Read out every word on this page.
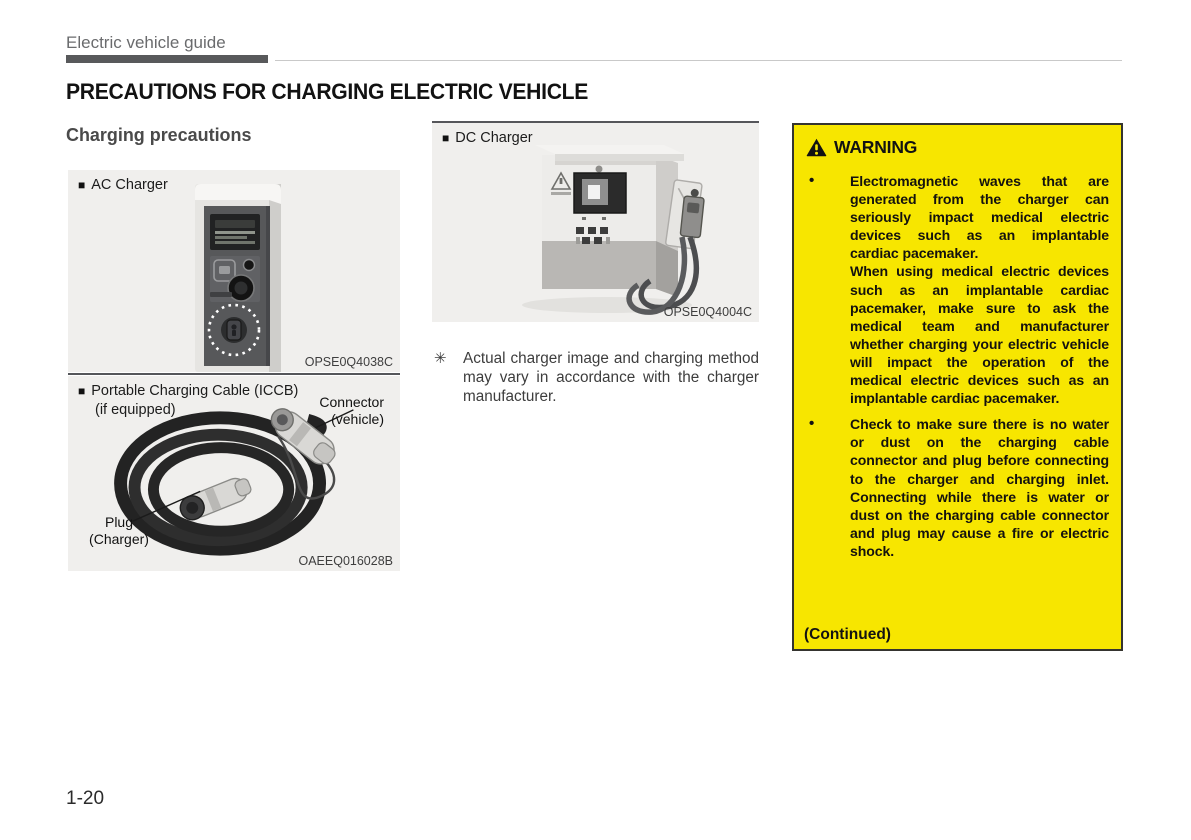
Electric vehicle guide
PRECAUTIONS FOR CHARGING ELECTRIC VEHICLE
Charging precautions
■ AC Charger
OPSE0Q4038C
■ Portable Charging Cable (ICCB)
(if equipped)	Connector
(vehicle)
Plug
(Charger)
OAEEQ016028B
■ DC Charger
OPSE0Q4004C
✳ Actual charger image and charging method may vary in accordance with the charger manufacturer.
WARNING
•	Electromagnetic waves that are generated from the charger can seriously impact medical electric devices such as an implantable cardiac pacemaker.

When using medical electric devices such as an implantable cardiac pacemaker, make sure to ask the medical team and manufacturer whether charging your electric vehicle will impact the operation of the medical electric devices such as an implantable cardiac pacemaker.

•	Check to make sure there is no water or dust on the charging cable connector and plug before connecting to the charger and charging inlet. Connecting while there is water or dust on the charging cable connector and plug may cause a fire or electric shock.

(Continued)
1-20
